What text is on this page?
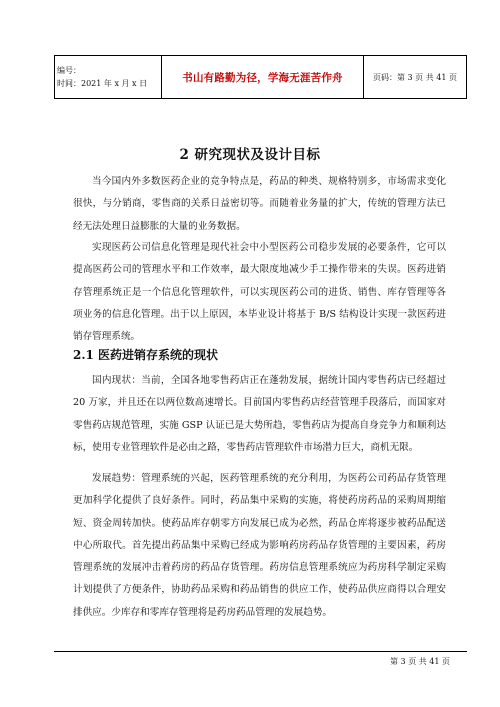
编号：
时间：2021 年 x 月 x 日	书山有路勤为径，学海无涯苦作舟	页码：第 3 页 共 41 页
2 研究现状及设计目标

当今国内外多数医药企业的竞争特点是，药品的种类、规格特别多，市场需求变化很快，与分销商，零售商的关系日益密切等。而随着业务量的扩大，传统的管理方法已经无法处理日益膨胀的大量的业务数据。

实现医药公司信息化管理是现代社会中小型医药公司稳步发展的必要条件，它可以提高医药公司的管理水平和工作效率，最大限度地减少手工操作带来的失误。医药进销存管理系统正是一个信息化管理软件，可以实现医药公司的进货、销售、库存管理等各项业务的信息化管理。出于以上原因，本毕业设计将基于 B/S 结构设计实现一款医药进销存管理系统。

2.1 医药进销存系统的现状

国内现状：当前，全国各地零售药店正在蓬勃发展，据统计国内零售药店已经超过 20 万家，并且还在以两位数高速增长。目前国内零售药店经营管理手段落后，而国家对零售药店规范管理，实施 GSP 认证已是大势所趋，零售药店为提高自身竞争力和顺利达标，使用专业管理软件是必由之路，零售药店管理软件市场潜力巨大，商机无限。

发展趋势：管理系统的兴起，医药管理系统的充分利用，为医药公司药品存货管理更加科学化提供了良好条件。同时，药品集中采购的实施，将使药房药品的采购周期缩短、资金周转加快。使药品库存朝零方向发展已成为必然，药品仓库将逐步被药品配送中心所取代。首先提出药品集中采购已经成为影响药房药品存货管理的主要因素，药房管理系统的发展冲击着药房的药品存货管理。药房信息管理系统应为药房科学制定采购计划提供了方便条件，协助药品采购和药品销售的供应工作，使药品供应商得以合理安排供应。少库存和零库存管理将是药房药品管理的发展趋势。

第 3 页 共 41 页
